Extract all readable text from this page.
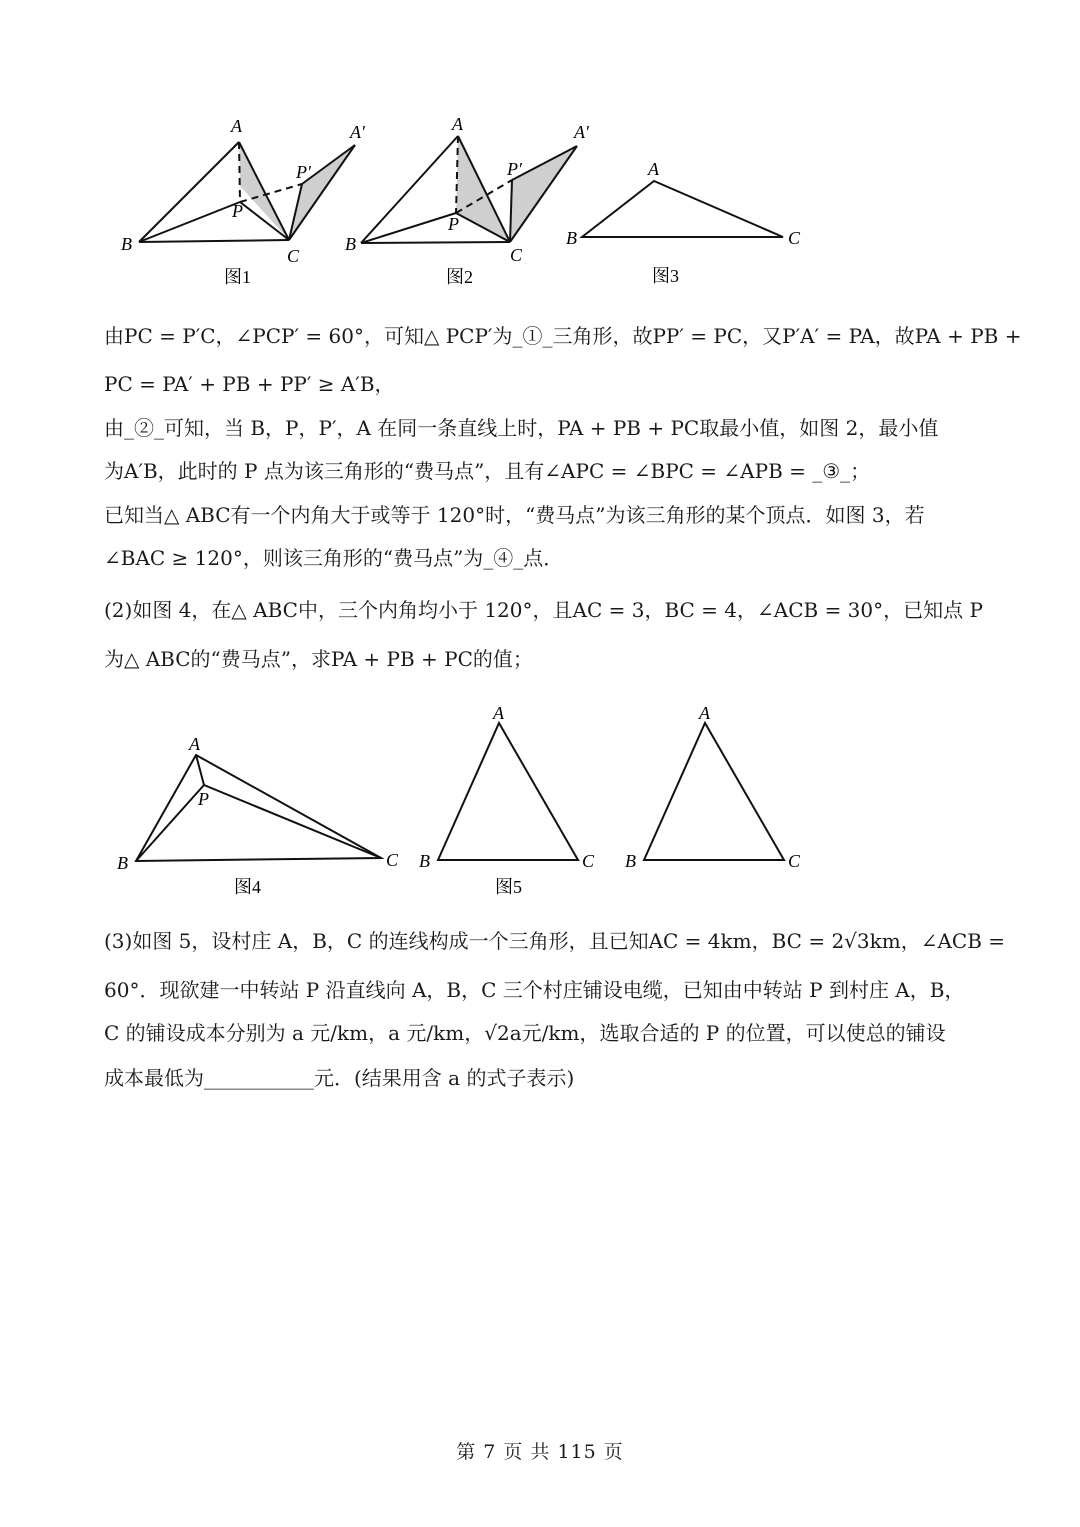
A
B
C
P
P′
A′
图1
A
B
C
P
P′
A′
图2
A
B	C
图3
由PC = P′C，∠PCP′ = 60°，可知△ PCP′为_①_三角形，故PP′ = PC，又P′A′ = PA，故PA + PB +
PC = PA′ + PB + PP′ ≥ A′B，
由_②_可知，当 B，P，P′，A 在同一条直线上时，PA + PB + PC取最小值，如图 2，最小值
为A′B，此时的 P 点为该三角形的“费马点”，且有∠APC = ∠BPC = ∠APB = _③_；
已知当△ ABC有一个内角大于或等于 120°时，“费马点”为该三角形的某个顶点．如图 3，若
∠BAC ≥ 120°，则该三角形的“费马点”为_④_点．
(2)如图 4，在△ ABC中，三个内角均小于 120°，且AC = 3，BC = 4，∠ACB = 30°，已知点 P
为△ ABC的“费马点”，求PA + PB + PC的值；
A
P
B	C
图4
A
B	C
图5
A
B	C
(3)如图 5，设村庄 A，B，C 的连线构成一个三角形，且已知AC = 4km，BC = 2√3km，∠ACB =
60°．现欲建一中转站 P 沿直线向 A，B，C 三个村庄铺设电缆，已知由中转站 P 到村庄 A，B，
C 的铺设成本分别为 a 元/km，a 元/km，√2a元/km，选取合适的 P 的位置，可以使总的铺设
成本最低为___________元．(结果用含 a 的式子表示)
第 7 页 共 115 页
